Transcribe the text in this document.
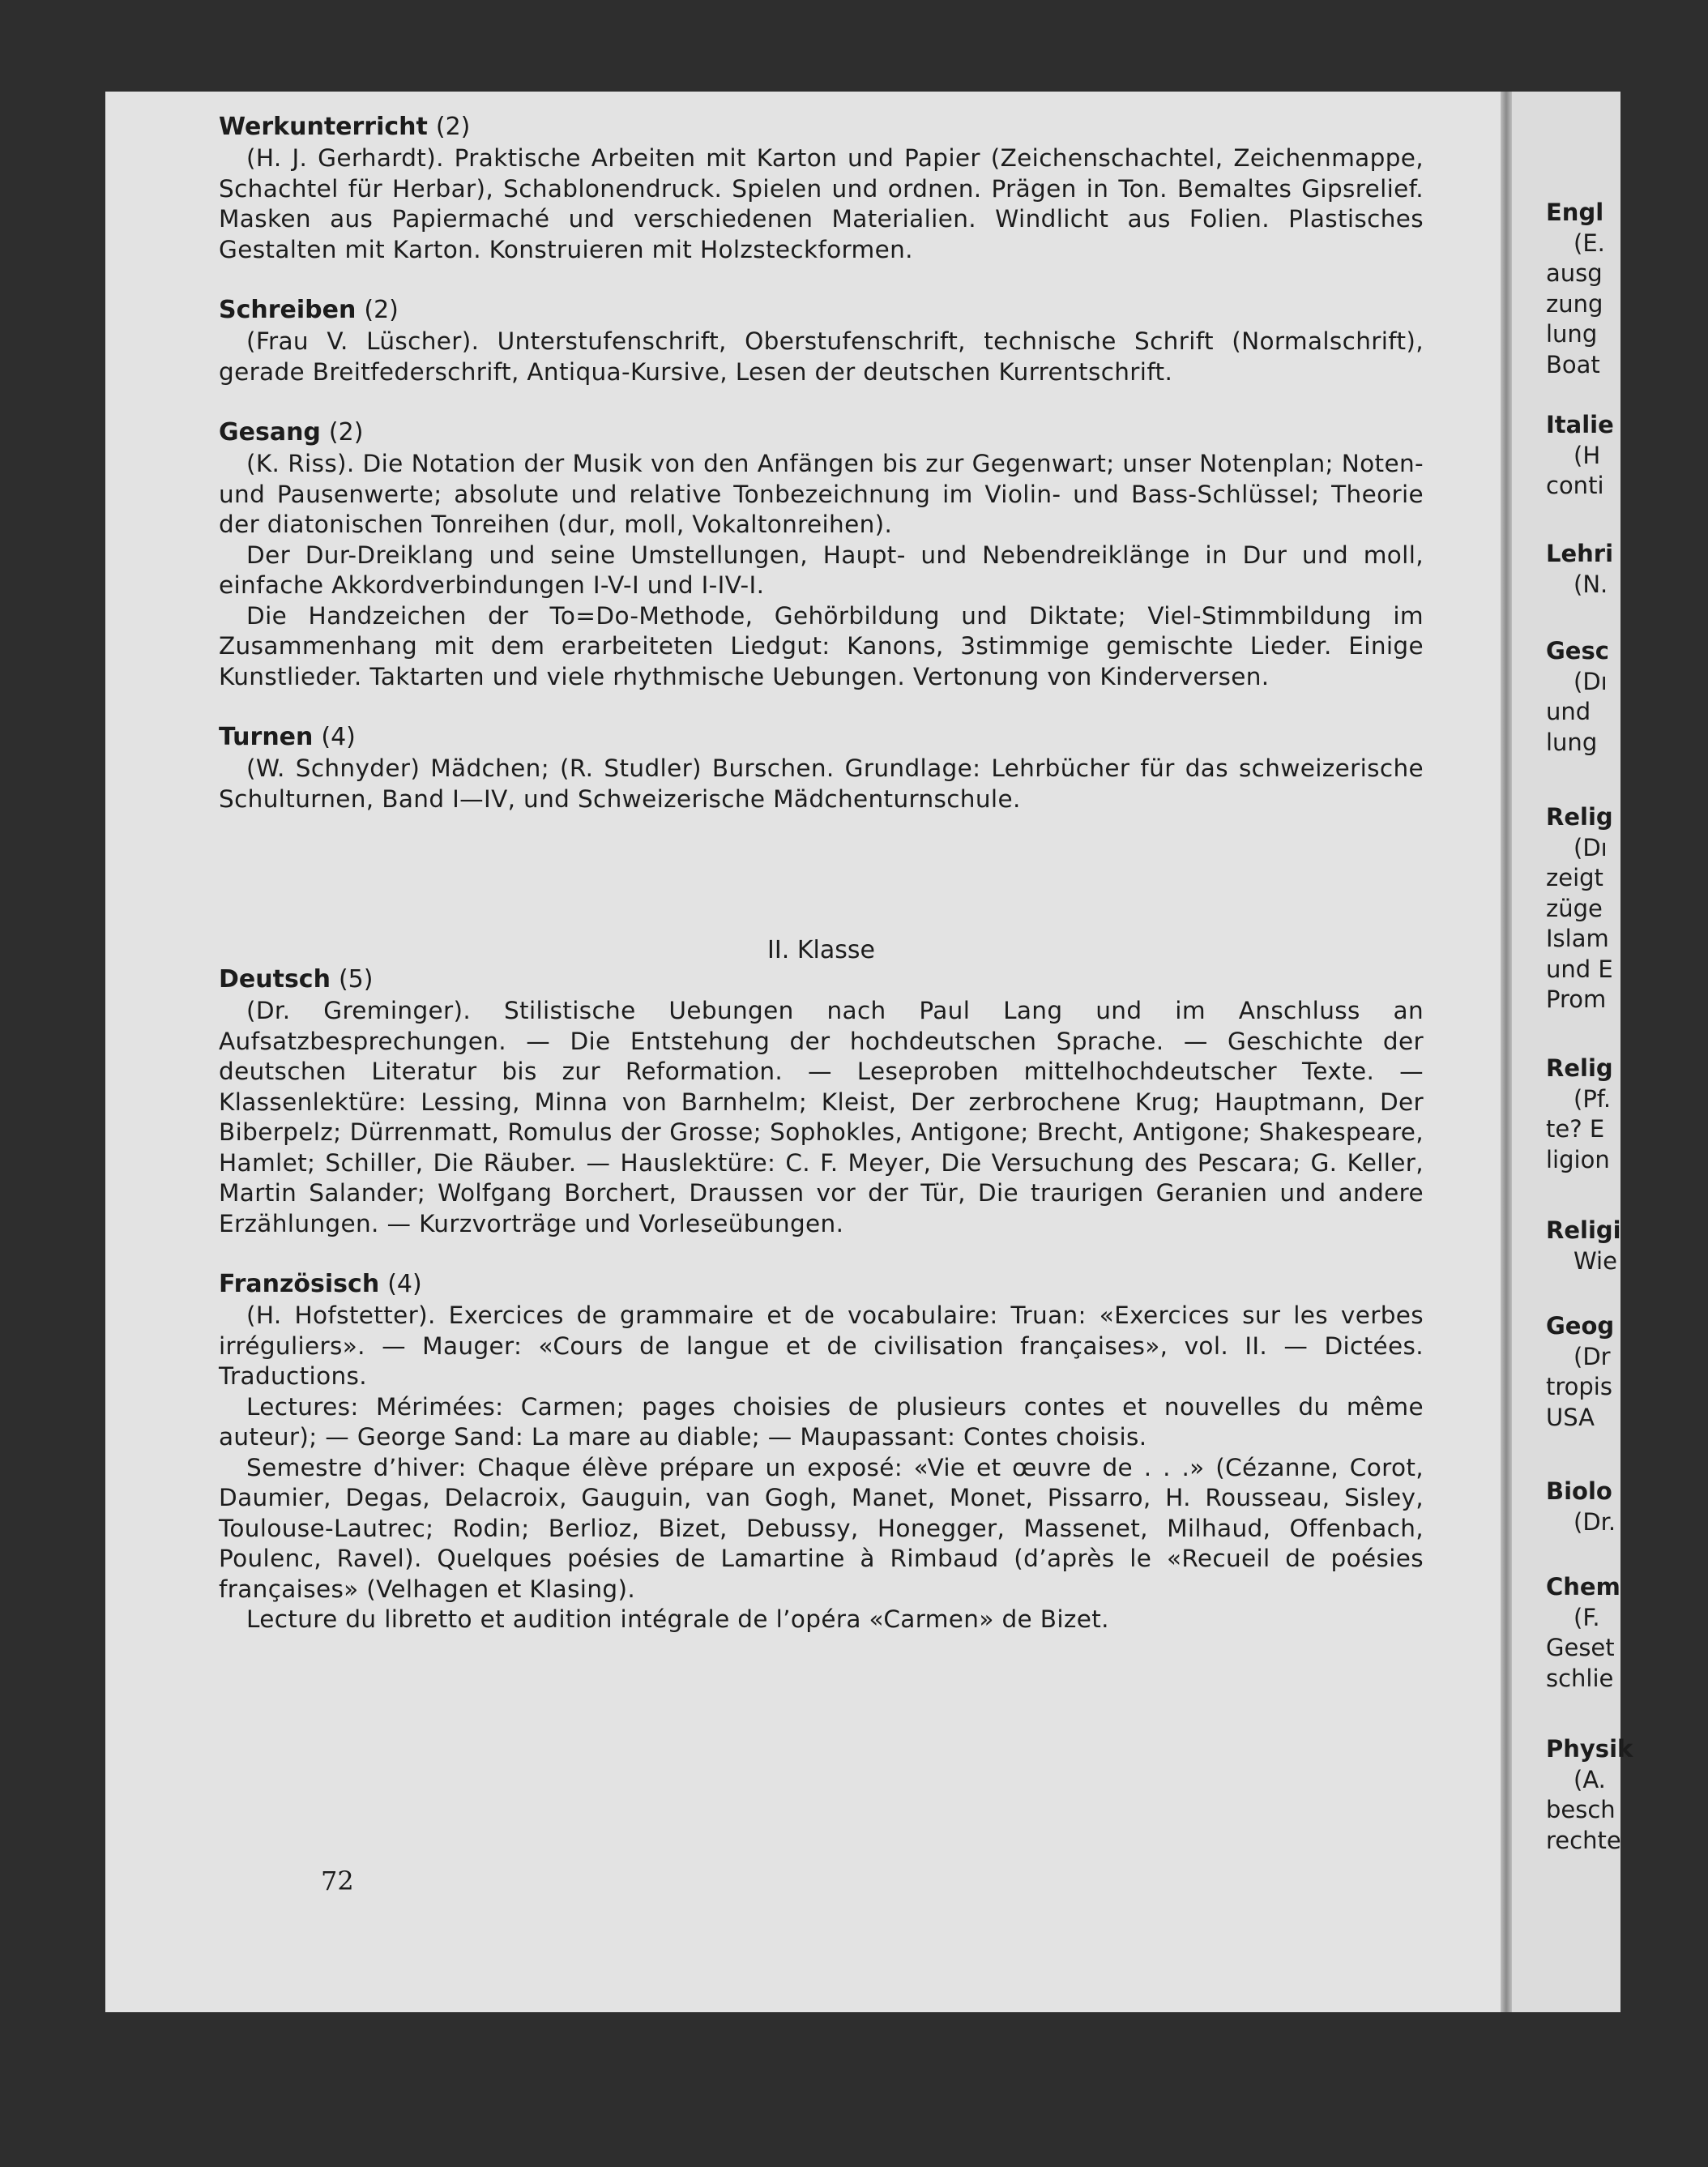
Werkunterricht (2)

(H. J. Gerhardt). Praktische Arbeiten mit Karton und Papier (Zeichenschachtel, Zeichenmappe, Schachtel für Herbar), Schablonendruck. Spielen und ordnen. Prägen in Ton. Bemaltes Gipsrelief. Masken aus Papiermaché und verschiedenen Materialien. Windlicht aus Folien. Plastisches Gestalten mit Karton. Konstruieren mit Holzsteckformen.

Schreiben (2)

(Frau V. Lüscher). Unterstufenschrift, Oberstufenschrift, technische Schrift (Normalschrift), gerade Breitfederschrift, Antiqua-Kursive, Lesen der deutschen Kurrentschrift.

Gesang (2)

(K. Riss). Die Notation der Musik von den Anfängen bis zur Gegenwart; unser Notenplan; Noten- und Pausenwerte; absolute und relative Tonbezeichnung im Violin- und Bass-Schlüssel; Theorie der diatonischen Tonreihen (dur, moll, Vokaltonreihen).

Der Dur-Dreiklang und seine Umstellungen, Haupt- und Nebendreiklänge in Dur und moll, einfache Akkordverbindungen I-V-I und I-IV-I.

Die Handzeichen der To=Do-Methode, Gehörbildung und Diktate; Viel-Stimmbildung im Zusammenhang mit dem erarbeiteten Liedgut: Kanons, 3stimmige gemischte Lieder. Einige Kunstlieder. Taktarten und viele rhythmische Uebungen. Vertonung von Kinderversen.

Turnen (4)

(W. Schnyder) Mädchen; (R. Studler) Burschen. Grundlage: Lehrbücher für das schweizerische Schulturnen, Band I—IV, und Schweizerische Mädchenturnschule.

II. Klasse
Deutsch (5)

(Dr. Greminger). Stilistische Uebungen nach Paul Lang und im Anschluss an Aufsatzbesprechungen. — Die Entstehung der hochdeutschen Sprache. — Geschichte der deutschen Literatur bis zur Reformation. — Leseproben mittelhochdeutscher Texte. — Klassenlektüre: Lessing, Minna von Barnhelm; Kleist, Der zerbrochene Krug; Hauptmann, Der Biberpelz; Dürrenmatt, Romulus der Grosse; Sophokles, Antigone; Brecht, Antigone; Shakespeare, Hamlet; Schiller, Die Räuber. — Hauslektüre: C. F. Meyer, Die Versuchung des Pescara; G. Keller, Martin Salander; Wolfgang Borchert, Draussen vor der Tür, Die traurigen Geranien und andere Erzählungen. — Kurzvorträge und Vorleseübungen.

Französisch (4)

(H. Hofstetter). Exercices de grammaire et de vocabulaire: Truan: «Exercices sur les verbes irréguliers». — Mauger: «Cours de langue et de civilisation françaises», vol. II. — Dictées. Traductions.

Lectures: Mérimées: Carmen; pages choisies de plusieurs contes et nouvelles du même auteur); — George Sand: La mare au diable; — Maupassant: Contes choisis.

Semestre d’hiver: Chaque élève prépare un exposé: «Vie et œuvre de . . .» (Cézanne, Corot, Daumier, Degas, Delacroix, Gauguin, van Gogh, Manet, Monet, Pissarro, H. Rousseau, Sisley, Toulouse-Lautrec; Rodin; Berlioz, Bizet, Debussy, Honegger, Massenet, Milhaud, Offenbach, Poulenc, Ravel). Quelques poésies de Lamartine à Rimbaud (d’après le «Recueil de poésies françaises» (Velhagen et Klasing).

Lecture du libretto et audition intégrale de l’opéra «Carmen» de Bizet.

72
Engl
(E.
ausg
zung
lung
Boat
Italie
(H
conti
Lehri
(N.
Gesc
(Dı
und
lung
Relig
(Dı
zeigt
züge
Islam
und E
Prom
Relig
(Pf.
te? E
ligion
Religi
Wie
Geog
(Dr
tropis
USA
Biolo
(Dr.
Chem
(F.
Geset
schlie
Physik
(A.
besch
rechte
